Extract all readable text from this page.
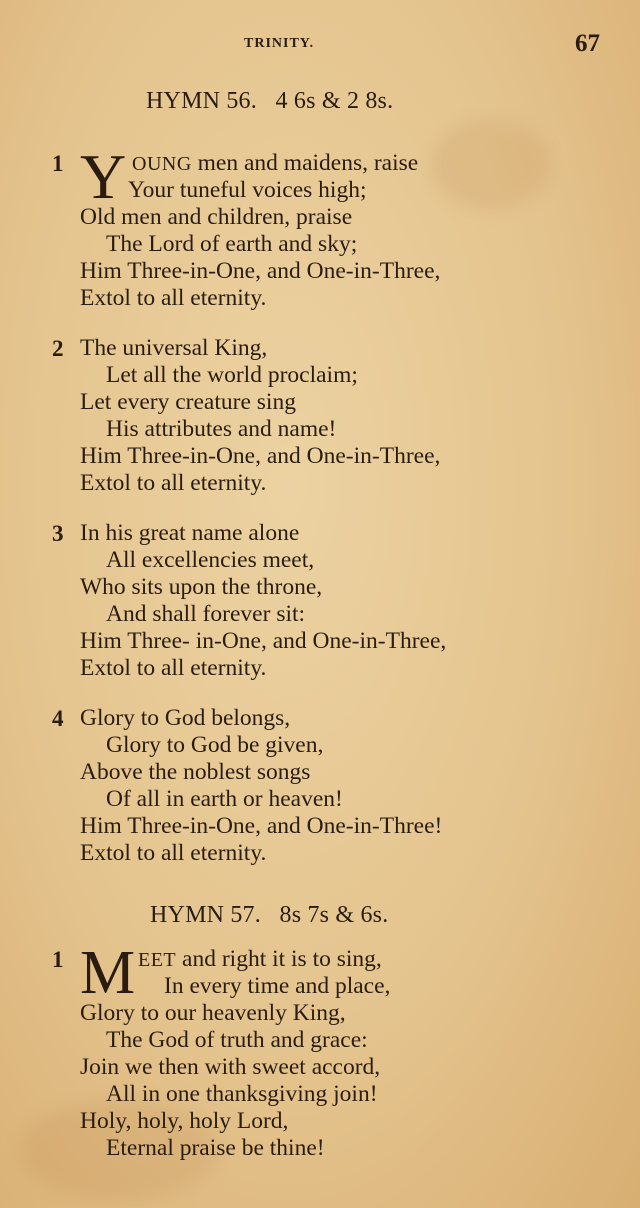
TRINITY.	67
HYMN 56.   4 6s & 2 8s.
1 Y OUNG men and maidens, raise
Your tuneful voices high;
Old men and children, praise
The Lord of earth and sky;
Him Three-in-One, and One-in-Three,
Extol to all eternity.
2 The universal King,
Let all the world proclaim;
Let every creature sing
His attributes and name!
Him Three-in-One, and One-in-Three,
Extol to all eternity.
3 In his great name alone
All excellencies meet,
Who sits upon the throne,
And shall forever sit:
Him Three- in-One, and One-in-Three,
Extol to all eternity.
4 Glory to God belongs,
Glory to God be given,
Above the noblest songs
Of all in earth or heaven!
Him Three-in-One, and One-in-Three!
Extol to all eternity.
HYMN 57.   8s 7s & 6s.
1 M EET and right it is to sing,
In every time and place,
Glory to our heavenly King,
The God of truth and grace:
Join we then with sweet accord,
All in one thanksgiving join!
Holy, holy, holy Lord,
Eternal praise be thine!
